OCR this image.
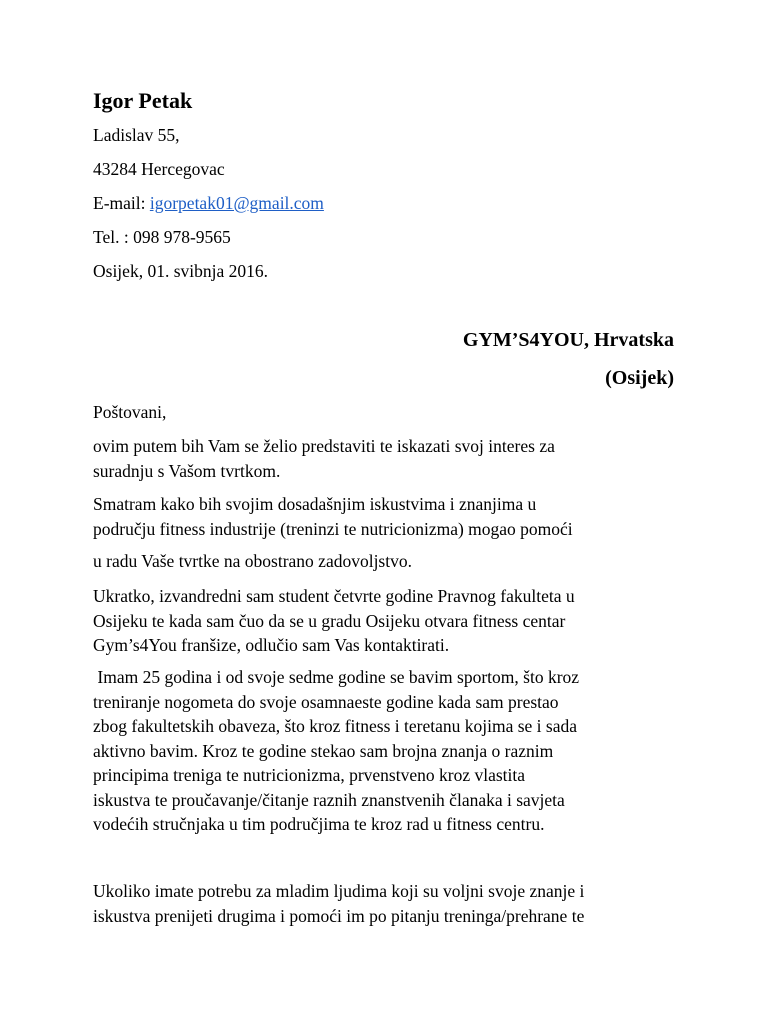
Igor Petak
Ladislav 55,
43284 Hercegovac
E-mail: igorpetak01@gmail.com
Tel. : 098 978-9565
Osijek, 01. svibnja 2016.
GYM’S4YOU, Hrvatska
(Osijek)
Poštovani,
ovim putem bih Vam se želio predstaviti te iskazati svoj interes za
suradnju s Vašom tvrtkom.
Smatram kako bih svojim dosadašnjim iskustvima i znanjima u
području fitness industrije (treninzi te nutricionizma) mogao pomoći
u radu Vaše tvrtke na obostrano zadovoljstvo.
Ukratko, izvandredni sam student četvrte godine Pravnog fakulteta u
Osijeku te kada sam čuo da se u gradu Osijeku otvara fitness centar
Gym’s4You franšize, odlučio sam Vas kontaktirati.
Imam 25 godina i od svoje sedme godine se bavim sportom, što kroz
treniranje nogometa do svoje osamnaeste godine kada sam prestao
zbog fakultetskih obaveza, što kroz fitness i teretanu kojima se i sada
aktivno bavim. Kroz te godine stekao sam brojna znanja o raznim
principima treniga te nutricionizma, prvenstveno kroz vlastita
iskustva te proučavanje/čitanje raznih znanstvenih članaka i savjeta
vodećih stručnjaka u tim područjima te kroz rad u fitness centru.
Ukoliko imate potrebu za mladim ljudima koji su voljni svoje znanje i
iskustva prenijeti drugima i pomoći im po pitanju treninga/prehrane te
